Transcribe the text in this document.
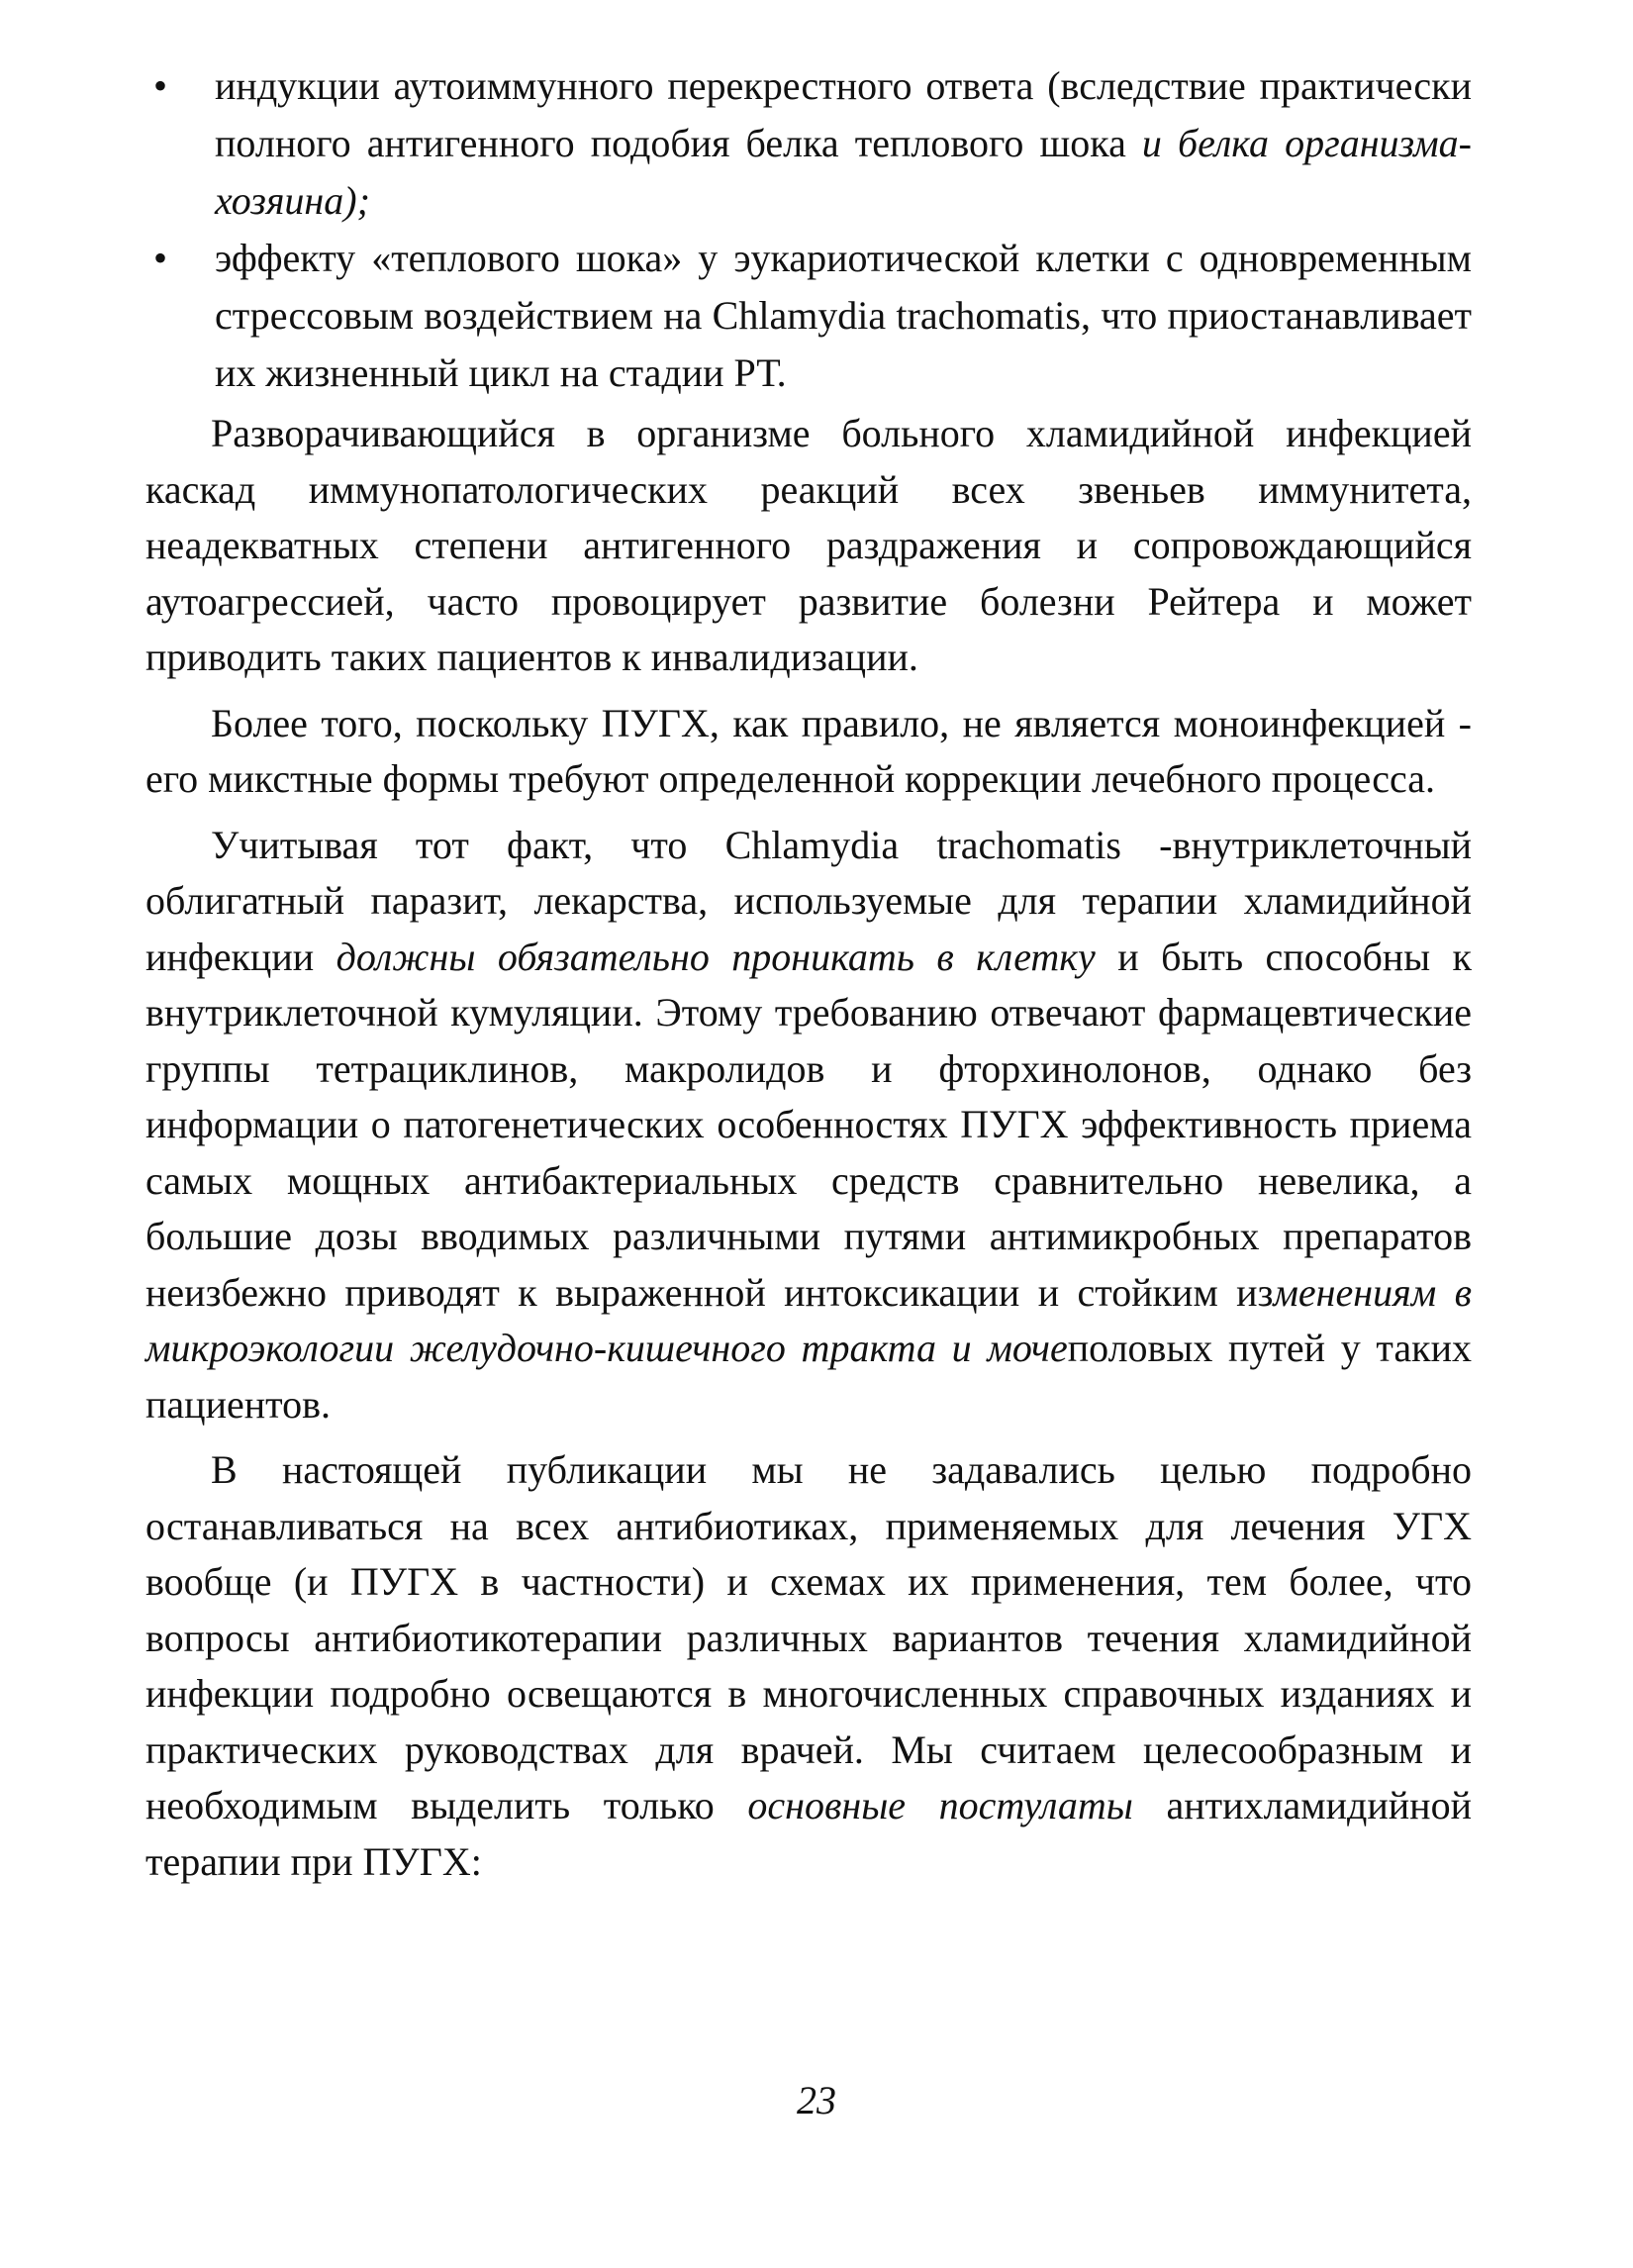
• индукции аутоиммунного перекрестного ответа (вследствие практически полного антигенного подобия белка теплового шока и белка организма-хозяина);
• эффекту «теплового шока» у эукариотической клетки с одновременным стрессовым воздействием на Chlamydia trachomatis, что приостанавливает их жизненный цикл на стадии РТ.

Разворачивающийся в организме больного хламидийной инфекцией каскад иммунопатологических реакций всех звеньев иммунитета, неадекватных степени антигенного раздражения и сопровождающийся аутоагрессией, часто провоцирует развитие болезни Рейтера и может приводить таких пациентов к инвалидизации.

Более того, поскольку ПУГХ, как правило, не является моноинфекцией - его микстные формы требуют определенной коррекции лечебного процесса.

Учитывая тот факт, что Chlamydia trachomatis -внутриклеточный облигатный паразит, лекарства, используемые для терапии хламидийной инфекции должны обязательно проникать в клетку и быть способны к внутриклеточной кумуляции. Этому требованию отвечают фармацевтические группы тетрациклинов, макролидов и фторхинолонов, однако без информации о патогенетических особенностях ПУГХ эффективность приема самых мощных антибактериальных средств сравнительно невелика, а большие дозы вводимых различными путями антимикробных препаратов неизбежно приводят к выраженной интоксикации и стойким изменениям в микроэкологии желудочно-кишечного тракта и мочеполовых путей у таких пациентов.

В настоящей публикации мы не задавались целью подробно останавливаться на всех антибиотиках, применяемых для лечения УГХ вообще (и ПУГХ в частности) и схемах их применения, тем более, что вопросы антибиотикотерапии различных вариантов течения хламидийной инфекции подробно освещаются в многочисленных справочных изданиях и практических руководствах для врачей. Мы считаем целесообразным и необходимым выделить только основные постулаты антихламидийной терапии при ПУГХ:

23
